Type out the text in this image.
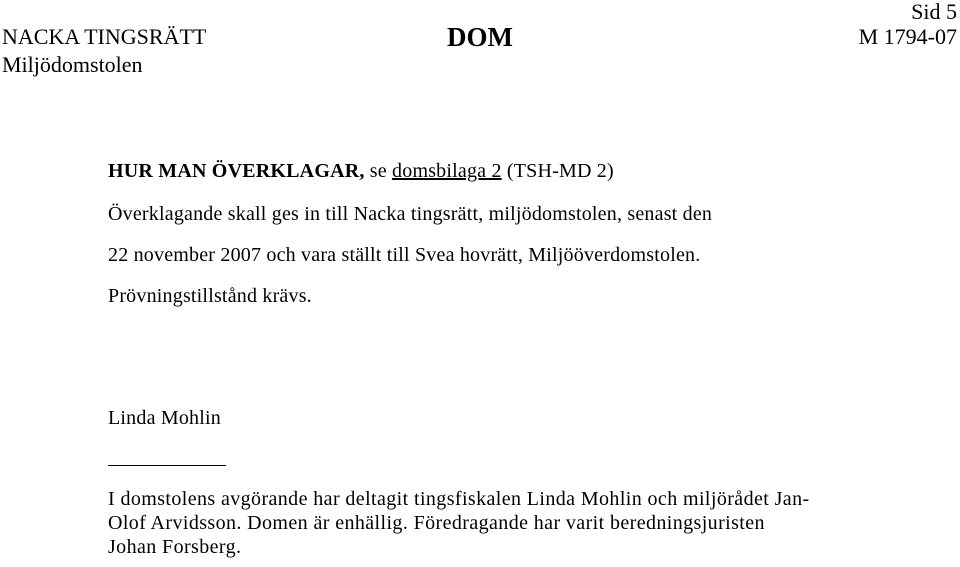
NACKA TINGSRÄTT
Miljödomstolen
DOM
Sid 5
M 1794-07
HUR MAN ÖVERKLAGAR, se domsbilaga 2 (TSH-MD 2)
Överklagande skall ges in till Nacka tingsrätt, miljödomstolen, senast den
22 november 2007 och vara ställt till Svea hovrätt, Miljööverdomstolen.
Prövningstillstånd krävs.
Linda Mohlin
I domstolens avgörande har deltagit tingsfiskalen Linda Mohlin och miljörådet Jan-
Olof Arvidsson. Domen är enhällig. Föredragande har varit beredningsjuristen
Johan Forsberg.
